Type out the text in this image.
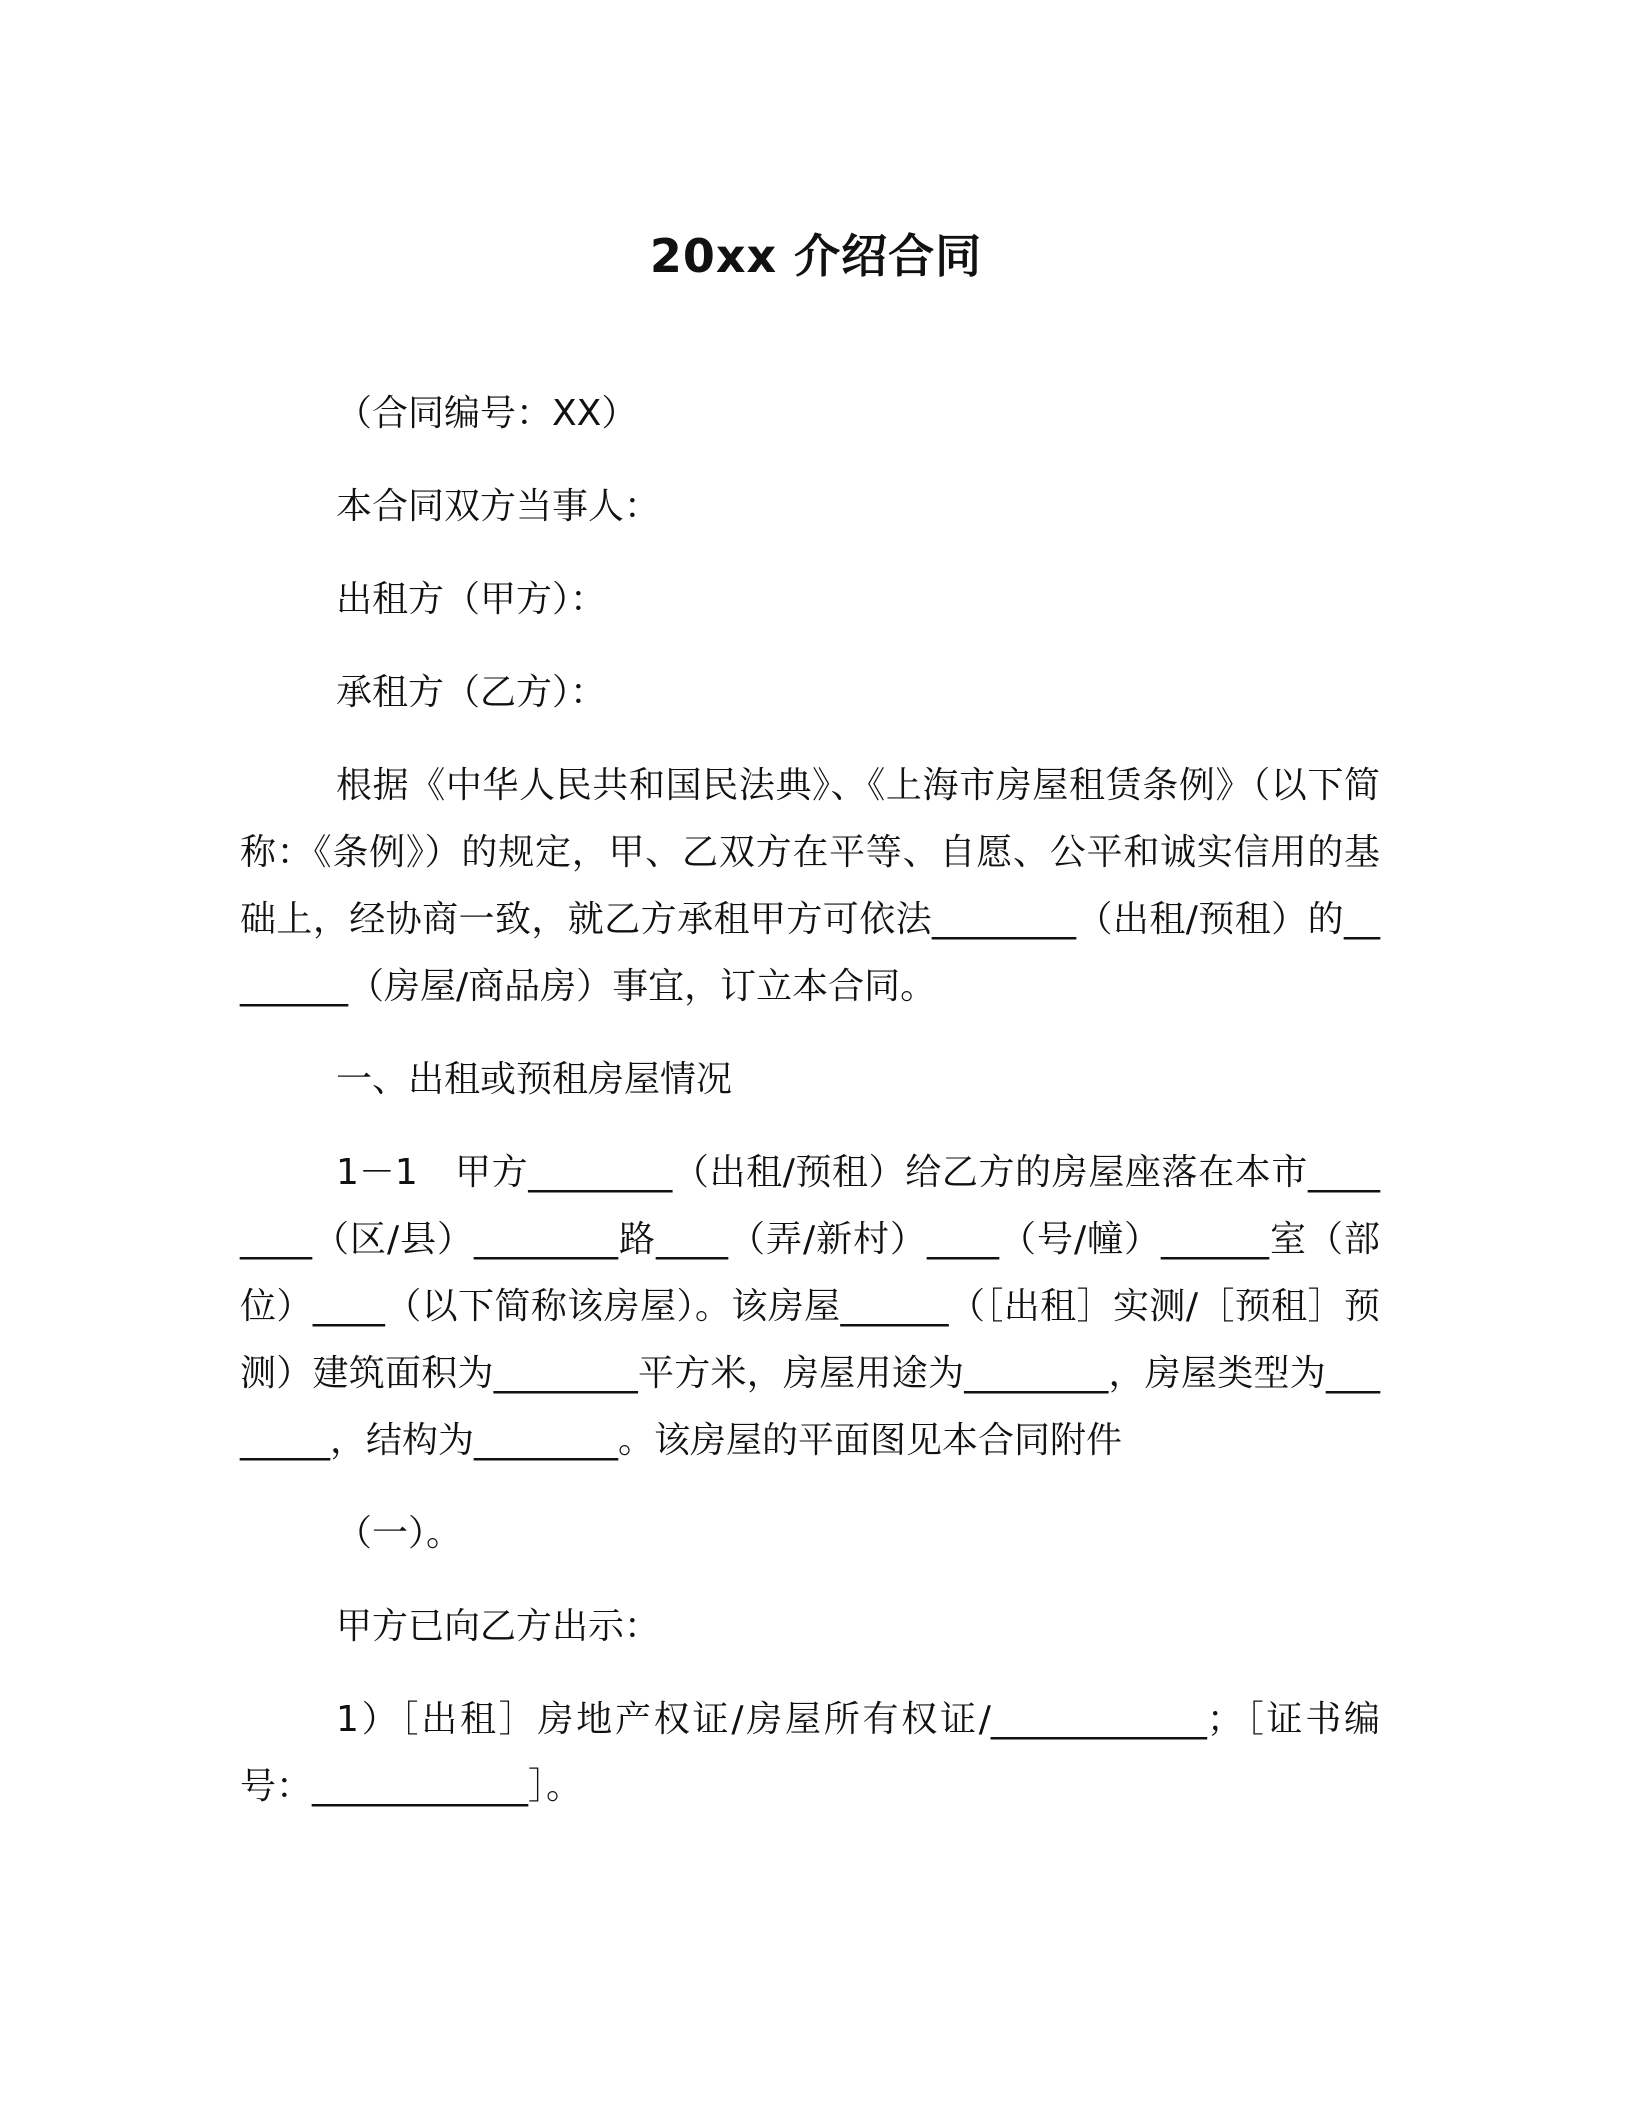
20xx 介绍合同

（合同编号：XX）

本合同双方当事人：

出租方（甲方）：

承租方（乙方）：

根据《中华人民共和国民法典》、《上海市房屋租赁条例》（以下简称：《条例》）的规定，甲、乙双方在平等、自愿、公平和诚实信用的基础上，经协商一致，就乙方承租甲方可依法________（出租/预租）的________（房屋/商品房）事宜，订立本合同。

一、出租或预租房屋情况

1－1　甲方________（出租/预租）给乙方的房屋座落在本市________（区/县）________路____（弄/新村）____（号/幢）______室（部位）____（以下简称该房屋）。该房屋______（［出租］实测/［预租］预测）建筑面积为________平方米，房屋用途为________，房屋类型为________，结构为________。该房屋的平面图见本合同附件

（一）。

甲方已向乙方出示：

1）［出租］房地产权证/房屋所有权证/____________；［证书编号：____________］。
